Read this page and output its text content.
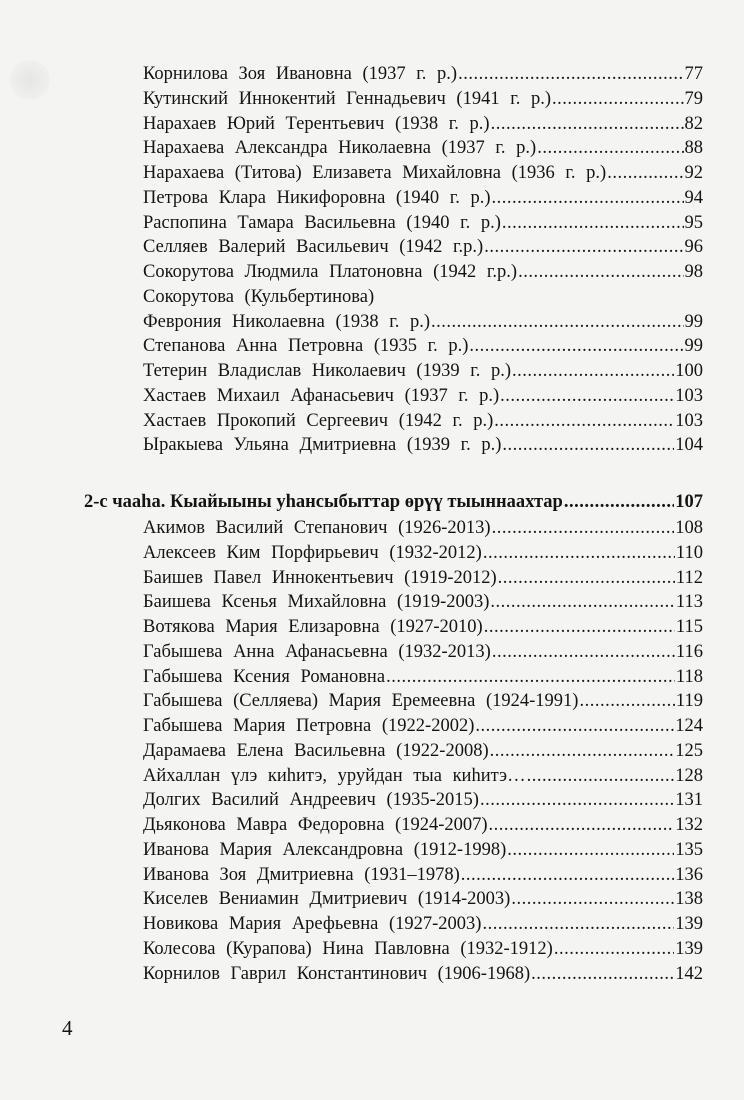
Корнилова Зоя Ивановна (1937 г. р.) .....	77
Кутинский Иннокентий Геннадьевич (1941 г. р.) .....	79
Нарахаев Юрий Терентьевич (1938 г. р.) .....	82
Нарахаева Александра Николаевна (1937 г. р.) .....	88
Нарахаева (Титова) Елизавета Михайловна (1936 г. р.) .....	92
Петрова Клара Никифоровна (1940 г. р.) .....	94
Распопина Тамара Васильевна (1940 г. р.) .....	95
Селляев Валерий Васильевич (1942 г.р.) .....	96
Сокорутова Людмила Платоновна (1942 г.р.) .....	98
Сокорутова (Кульбертинова)
Феврония Николаевна (1938 г. р.) .....	99
Степанова Анна Петровна (1935 г. р.) .....	99
Тетерин Владислав Николаевич (1939 г. р.) .....	100
Хастаев Михаил Афанасьевич (1937 г. р.) .....	103
Хастаев Прокопий Сергеевич (1942 г. р.) .....	103
Ыракыева Ульяна Дмитриевна (1939 г. р.) .....	104
2-с чааһа. Кыайыыны уһансыбыттар өрүү тыыннаахтар .....	107
Акимов Василий Степанович (1926-2013) .....	108
Алексеев Ким Порфирьевич (1932-2012) .....	110
Баишев Павел Иннокентьевич (1919-2012) .....	112
Баишева Ксенья Михайловна (1919-2003) .....	113
Вотякова Мария Елизаровна (1927-2010) .....	115
Габышева Анна Афанасьевна (1932-2013) .....	116
Габышева Ксения Романовна .....	118
Габышева (Селляева) Мария Еремеевна (1924-1991) .....	119
Габышева Мария Петровна (1922-2002) .....	124
Дарамаева Елена Васильевна (1922-2008) .....	125
Айхаллан үлэ киһитэ, уруйдан тыа киһитэ… .....	128
Долгих Василий Андреевич (1935-2015) .....	131
Дьяконова Мавра Федоровна (1924-2007) .....	132
Иванова Мария Александровна (1912-1998) .....	135
Иванова Зоя Дмитриевна (1931–1978) .....	136
Киселев Вениамин Дмитриевич (1914-2003) .....	138
Новикова Мария Арефьевна (1927-2003) .....	139
Колесова (Курапова) Нина Павловна (1932-1912) .....	139
Корнилов Гаврил Константинович (1906-1968) .....	142
4
